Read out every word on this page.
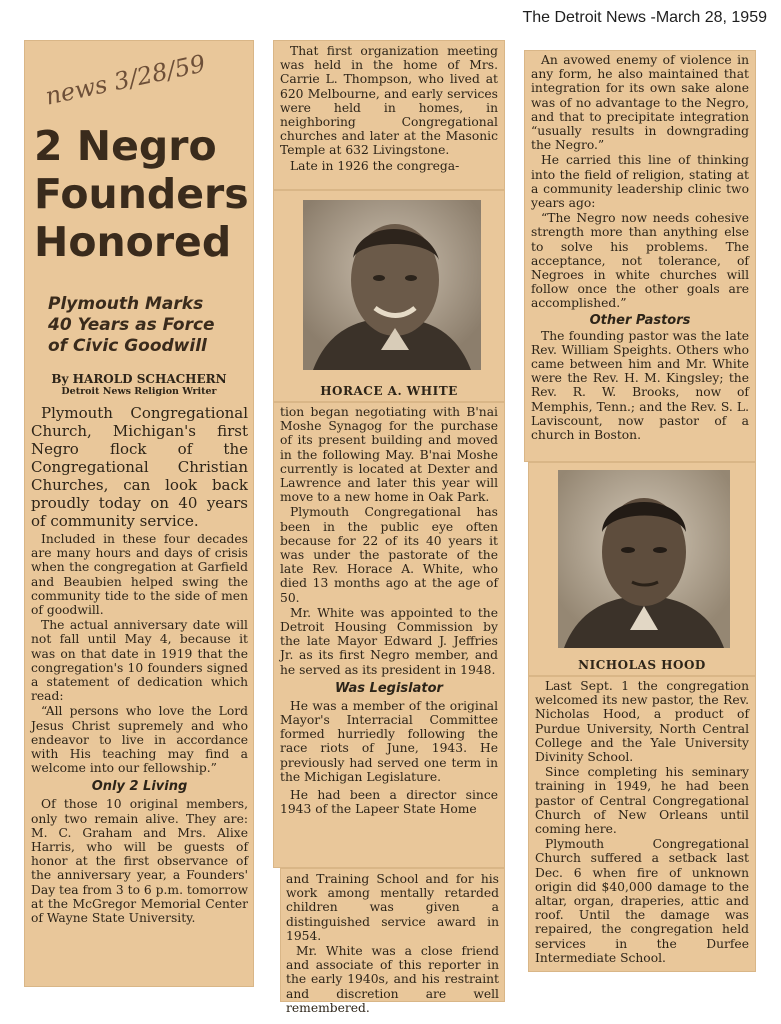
The Detroit News -March 28, 1959
news 3/28/59
2 Negro
Founders
Honored
Plymouth Marks
40 Years as Force
of Civic Goodwill
By HAROLD SCHACHERN
Detroit News Religion Writer

Plymouth Congregational Church, Michigan's first Negro flock of the Congregational Christian Churches, can look back proudly today on 40 years of community service.

Included in these four decades are many hours and days of crisis when the congregation at Garfield and Beaubien helped swing the community tide to the side of men of goodwill.

The actual anniversary date will not fall until May 4, because it was on that date in 1919 that the congregation's 10 founders signed a statement of dedication which read:

“All persons who love the Lord Jesus Christ supremely and who endeavor to live in accordance with His teaching may find a welcome into our fellowship.”

Only 2 Living

Of those 10 original members, only two remain alive. They are: M. C. Graham and Mrs. Alixe Harris, who will be guests of honor at the first observance of the anniversary year, a Founders' Day tea from 3 to 6 p.m. tomorrow at the McGregor Memorial Center of Wayne State University.

That first organization meeting was held in the home of Mrs. Carrie L. Thompson, who lived at 620 Melbourne, and early services were held in homes, in neighboring Congregational churches and later at the Masonic Temple at 632 Livingstone.

Late in 1926 the congrega-

HORACE A. WHITE

tion began negotiating with B'nai Moshe Synagog for the purchase of its present building and moved in the following May. B'nai Moshe currently is located at Dexter and Lawrence and later this year will move to a new home in Oak Park.

Plymouth Congregational has been in the public eye often because for 22 of its 40 years it was under the pastorate of the late Rev. Horace A. White, who died 13 months ago at the age of 50.

Mr. White was appointed to the Detroit Housing Commission by the late Mayor Edward J. Jeffries Jr. as its first Negro member, and he served as its president in 1948.

Was Legislator

He was a member of the original Mayor's Interracial Committee formed hurriedly following the race riots of June, 1943. He previously had served one term in the Michigan Legislature.

He had been a director since 1943 of the Lapeer State Home

and Training School and for his work among mentally retarded children was given a distinguished service award in 1954.

Mr. White was a close friend and associate of this reporter in the early 1940s, and his restraint and discretion are well remembered.

An avowed enemy of violence in any form, he also maintained that integration for its own sake alone was of no advantage to the Negro, and that to precipitate integration “usually results in downgrading the Negro.”

He carried this line of thinking into the field of religion, stating at a community leadership clinic two years ago:

“The Negro now needs cohesive strength more than anything else to solve his problems. The acceptance, not tolerance, of Negroes in white churches will follow once the other goals are accomplished.”

Other Pastors

The founding pastor was the late Rev. William Speights. Others who came between him and Mr. White were the Rev. H. M. Kingsley; the Rev. R. W. Brooks, now of Memphis, Tenn.; and the Rev. S. L. Laviscount, now pastor of a church in Boston.

NICHOLAS HOOD

Last Sept. 1 the congregation welcomed its new pastor, the Rev. Nicholas Hood, a product of Purdue University, North Central College and the Yale University Divinity School.

Since completing his seminary training in 1949, he had been pastor of Central Congregational Church of New Orleans until coming here.

Plymouth Congregational Church suffered a setback last Dec. 6 when fire of unknown origin did $40,000 damage to the altar, organ, draperies, attic and roof. Until the damage was repaired, the congregation held services in the Durfee Intermediate School.
